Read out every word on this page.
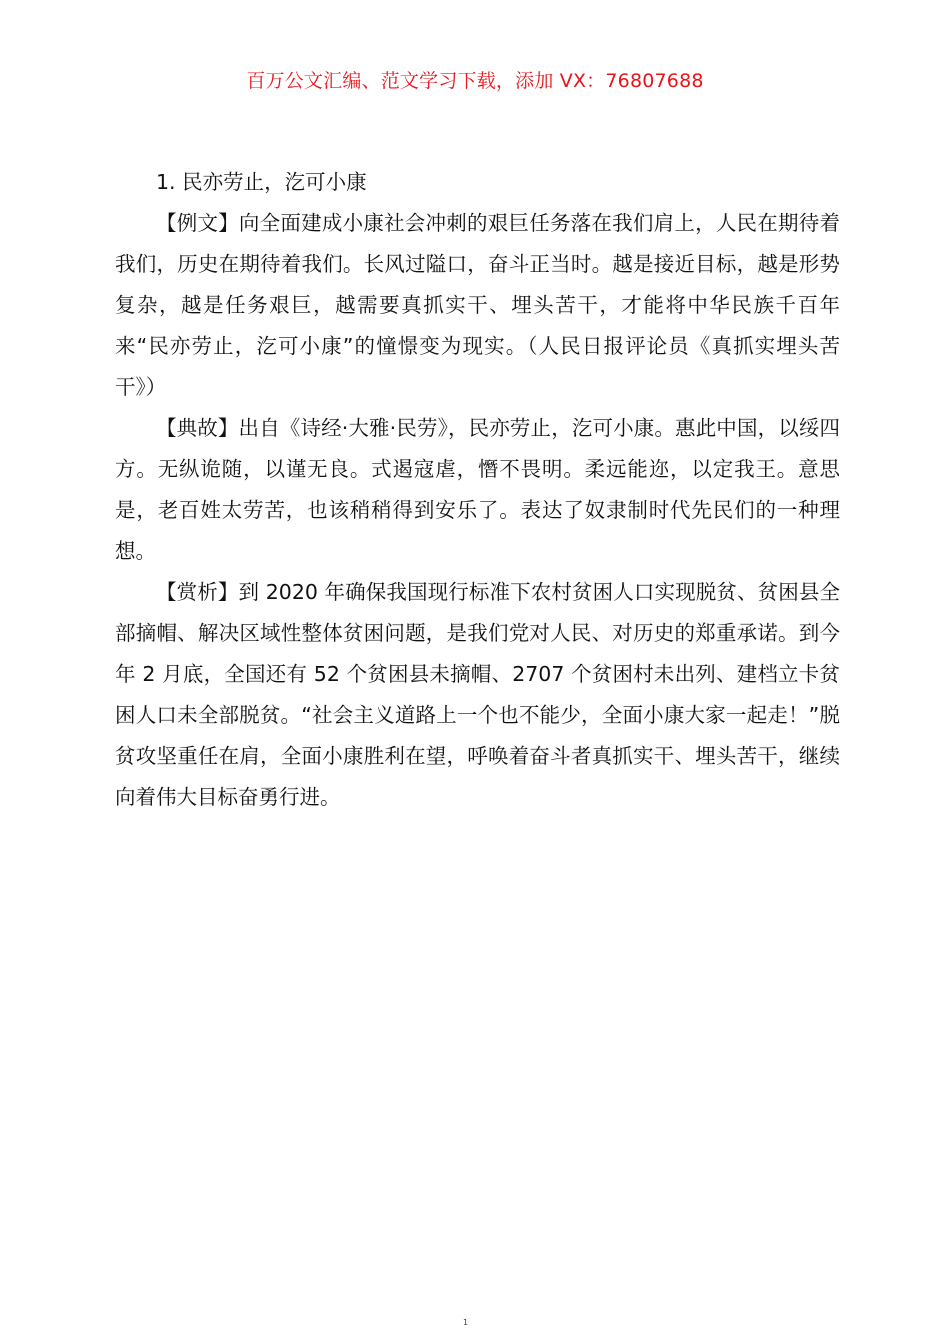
百万公文汇编、范文学习下载，添加 VX：76807688

1. 民亦劳止，汔可小康

【例文】向全面建成小康社会冲刺的艰巨任务落在我们肩上，人民在期待着我们，历史在期待着我们。长风过隘口，奋斗正当时。越是接近目标，越是形势复杂，越是任务艰巨，越需要真抓实干、埋头苦干，才能将中华民族千百年来“民亦劳止，汔可小康”的憧憬变为现实。（人民日报评论员《真抓实埋头苦干》）

【典故】出自《诗经·大雅·民劳》，民亦劳止，汔可小康。惠此中国，以绥四方。无纵诡随，以谨无良。式遏寇虐，憯不畏明。柔远能迩，以定我王。意思是，老百姓太劳苦，也该稍稍得到安乐了。表达了奴隶制时代先民们的一种理想。

【赏析】到 2020 年确保我国现行标准下农村贫困人口实现脱贫、贫困县全部摘帽、解决区域性整体贫困问题，是我们党对人民、对历史的郑重承诺。到今年 2 月底，全国还有 52 个贫困县未摘帽、2707 个贫困村未出列、建档立卡贫困人口未全部脱贫。“社会主义道路上一个也不能少，全面小康大家一起走！”脱贫攻坚重任在肩，全面小康胜利在望，呼唤着奋斗者真抓实干、埋头苦干，继续向着伟大目标奋勇行进。

1
